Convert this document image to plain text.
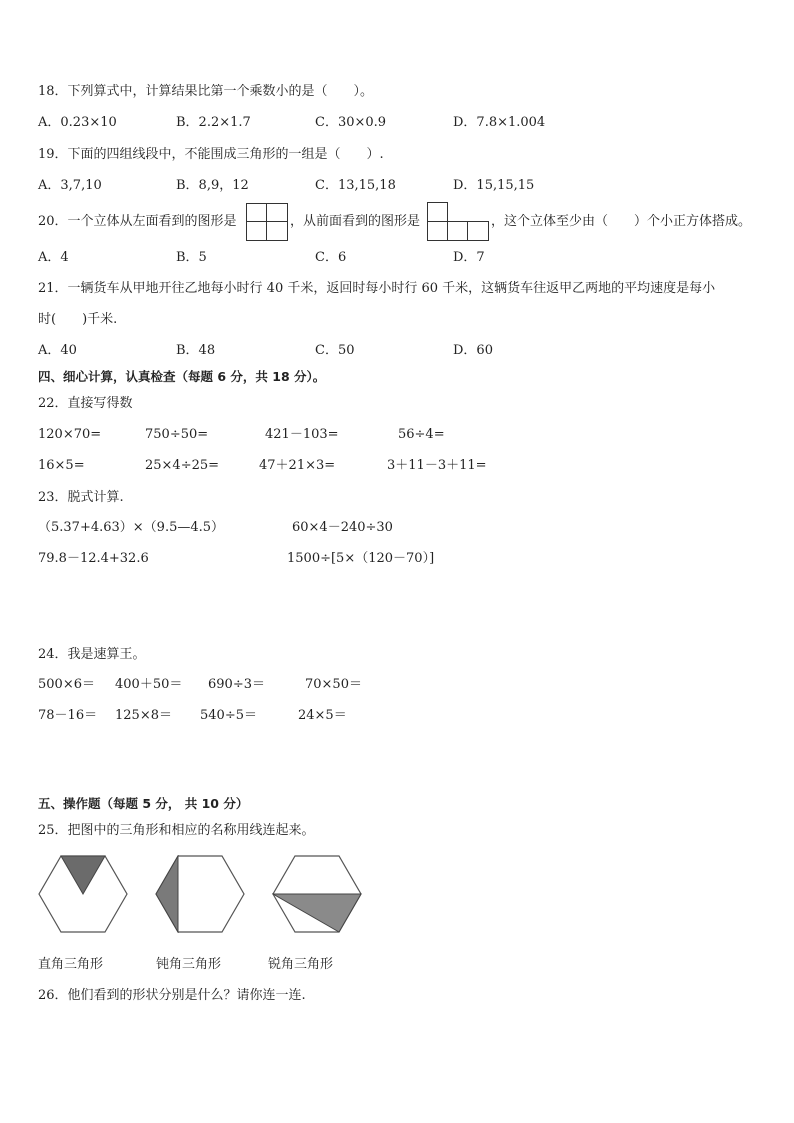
18．下列算式中，计算结果比第一个乘数小的是（　　）。
A．0.23×10	B．2.2×1.7	C．30×0.9	D．7.8×1.004
19．下面的四组线段中，不能围成三角形的一组是（　　）.
A．3,7,10	B．8,9，12	C．13,15,18	D．15,15,15
20．一个立体从左面看到的图形是	，从前面看到的图形是	，这个立体至少由（　　）个小正方体搭成。
A．4	B．5	C．6	D．7
21．一辆货车从甲地开往乙地每小时行 40 千米，返回时每小时行 60 千米，这辆货车往返甲乙两地的平均速度是每小
时(　　)千米.
A．40	B．48	C．50	D．60
四、细心计算，认真检查（每题 6 分，共 18 分）。
22．直接写得数
120×70=	750÷50=	421－103=	56÷4=
16×5=	25×4÷25=	47＋21×3=	3＋11－3＋11=
23．脱式计算.
（5.37+4.63）×（9.5—4.5）	60×4－240÷30
79.8－12.4+32.6	1500÷[5×（120－70）]
24．我是速算王。
500×6＝ 400＋50＝ 690÷3＝	70×50＝
78－16＝ 125×8＝ 540÷5＝	24×5＝
五、操作题（每题 5 分， 共 10 分）
25．把图中的三角形和相应的名称用线连起来。
直角三角形	钝角三角形	锐角三角形
26．他们看到的形状分别是什么？请你连一连.
